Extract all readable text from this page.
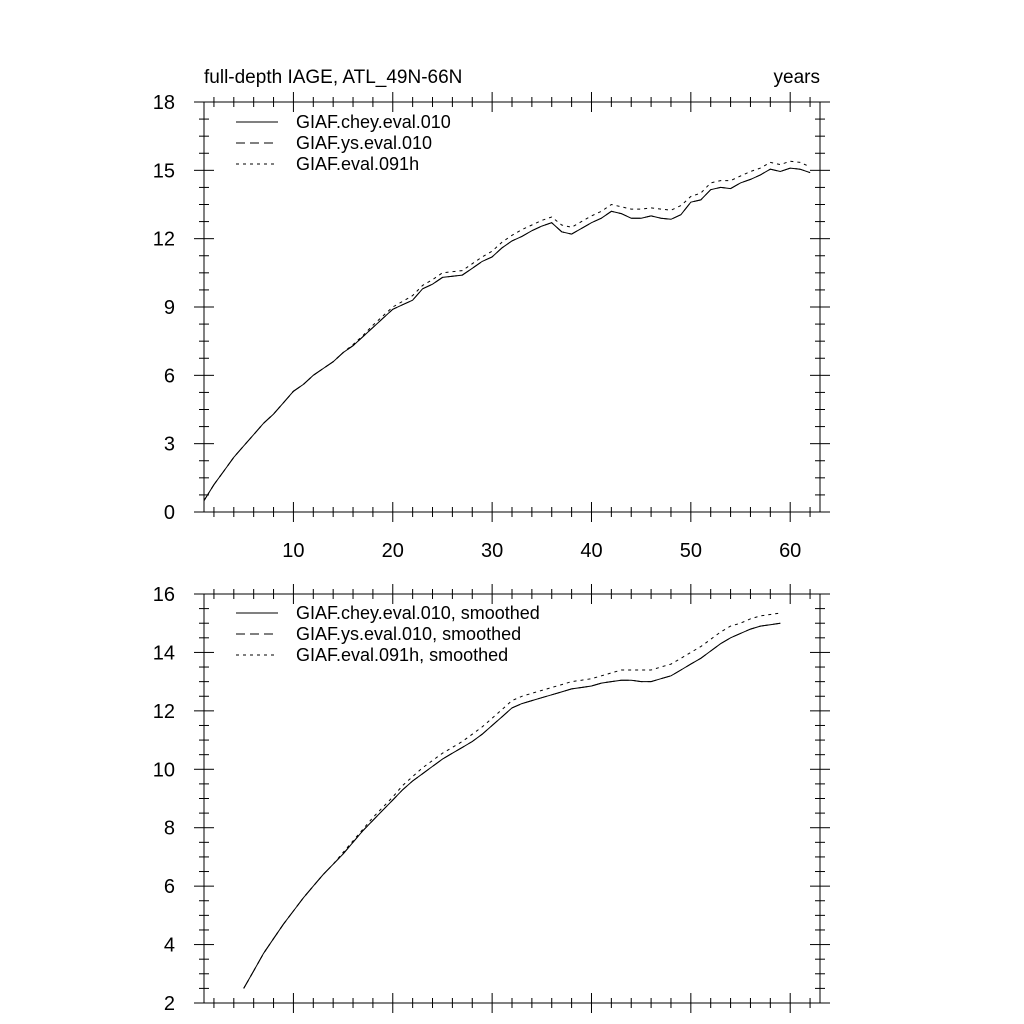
full-depth IAGE, ATL_49N-66N	years
10	20	30	40	50	60
0
3
6
9
12
15
18
GIAF.chey.eval.010
GIAF.ys.eval.010
GIAF.eval.091h
2
4
6
8
10
12
14
16
GIAF.chey.eval.010, smoothed
GIAF.ys.eval.010, smoothed
GIAF.eval.091h, smoothed
